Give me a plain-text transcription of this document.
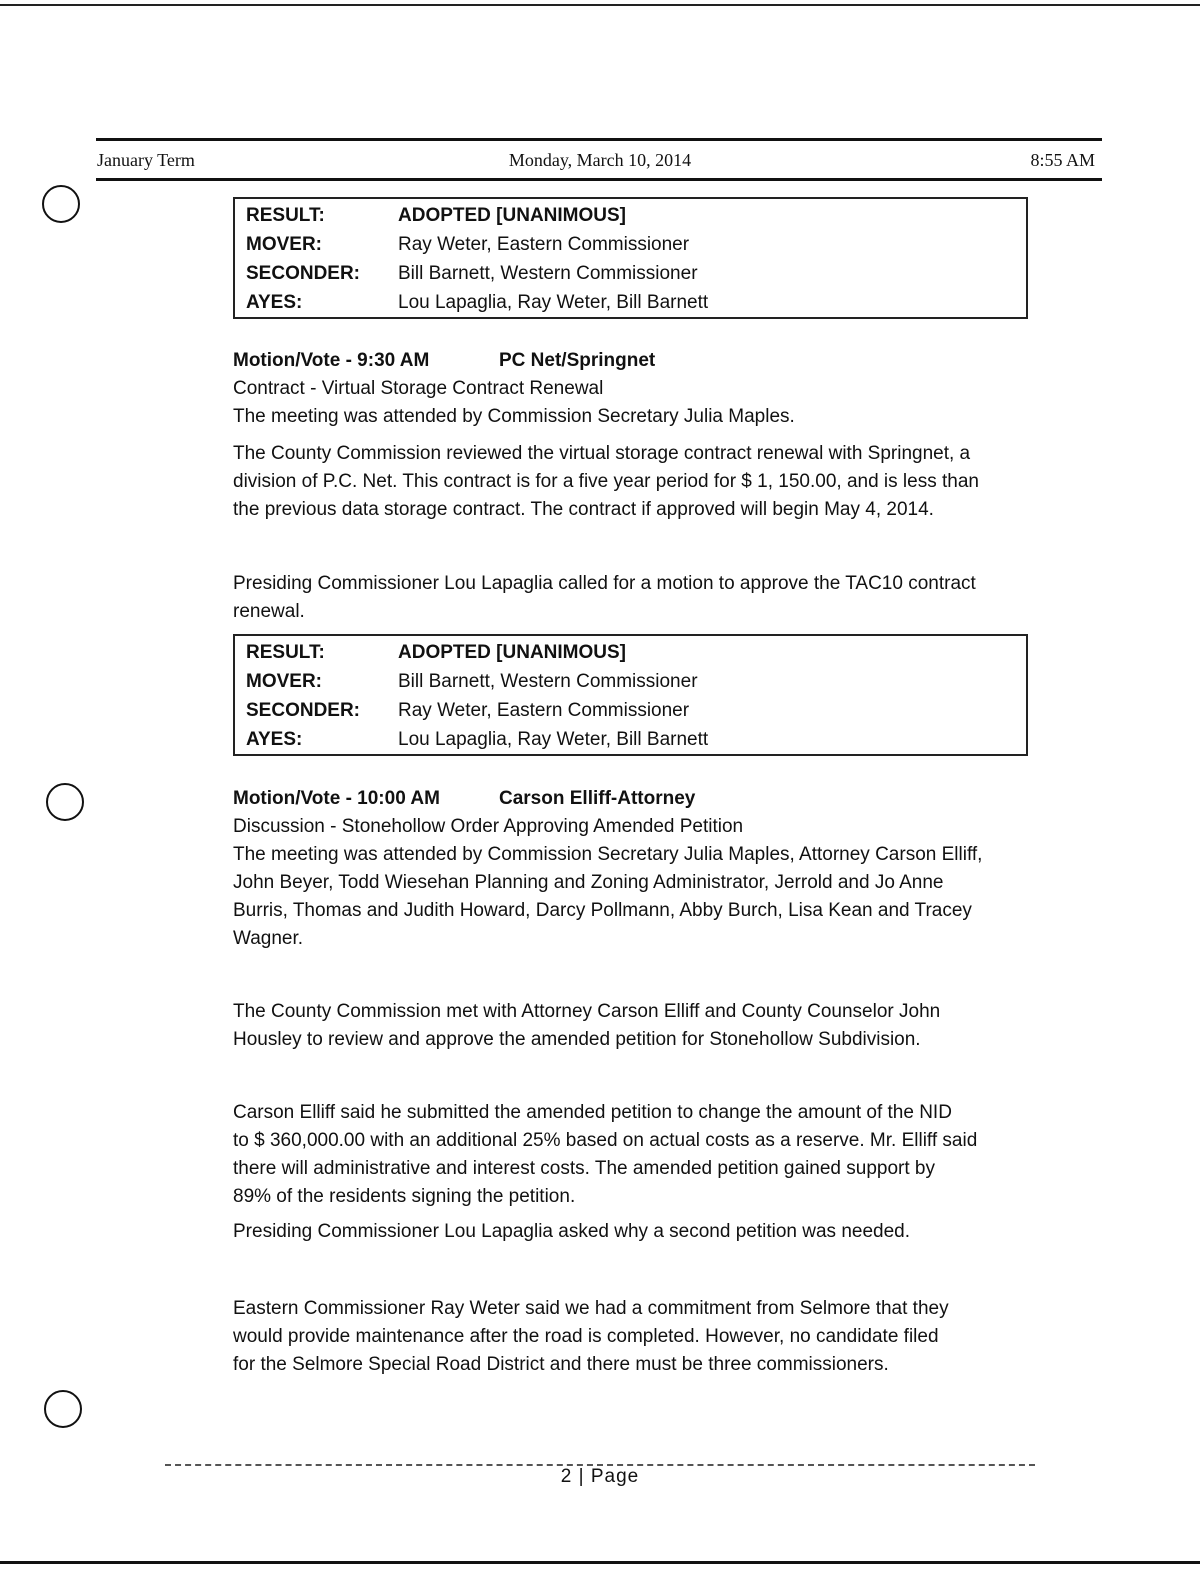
January Term	Monday, March 10, 2014	8:55 AM
RESULT:	ADOPTED [UNANIMOUS]
MOVER:	Ray Weter, Eastern Commissioner
SECONDER:	Bill Barnett, Western Commissioner
AYES:	Lou Lapaglia, Ray Weter, Bill Barnett
Motion/Vote - 9:30 AM	PC Net/Springnet
Contract - Virtual Storage Contract Renewal
The meeting was attended by Commission Secretary Julia Maples.
The County Commission reviewed the virtual storage contract renewal with Springnet, a
division of P.C. Net. This contract is for a five year period for $ 1, 150.00, and is less than
the previous data storage contract. The contract if approved will begin May 4, 2014.
Presiding Commissioner Lou Lapaglia called for a motion to approve the TAC10 contract
renewal.
RESULT:	ADOPTED [UNANIMOUS]
MOVER:	Bill Barnett, Western Commissioner
SECONDER:	Ray Weter, Eastern Commissioner
AYES:	Lou Lapaglia, Ray Weter, Bill Barnett
Motion/Vote - 10:00 AM	Carson Elliff-Attorney
Discussion - Stonehollow Order Approving Amended Petition
The meeting was attended by Commission Secretary Julia Maples, Attorney Carson Elliff,
John Beyer, Todd Wiesehan Planning and Zoning Administrator, Jerrold and Jo Anne
Burris, Thomas and Judith Howard, Darcy Pollmann, Abby Burch, Lisa Kean and Tracey
Wagner.
The County Commission met with Attorney Carson Elliff and County Counselor John
Housley to review and approve the amended petition for Stonehollow Subdivision.
Carson Elliff said he submitted the amended petition to change the amount of the NID
to $ 360,000.00 with an additional 25% based on actual costs as a reserve. Mr. Elliff said
there will administrative and interest costs. The amended petition gained support by
89% of the residents signing the petition.
Presiding Commissioner Lou Lapaglia asked why a second petition was needed.
Eastern Commissioner Ray Weter said we had a commitment from Selmore that they
would provide maintenance after the road is completed. However, no candidate filed
for the Selmore Special Road District and there must be three commissioners.
2 | Page
